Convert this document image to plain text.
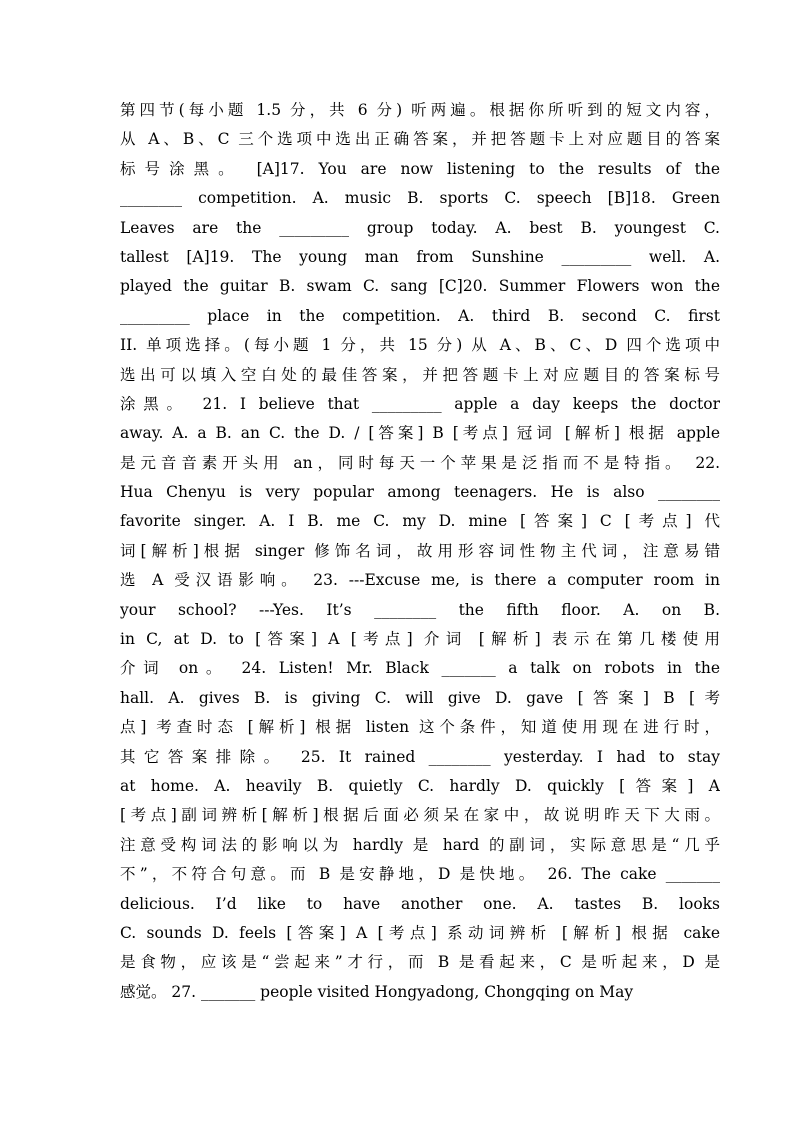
第四节(每小题 1.5 分，共 6 分) 听两遍。根据你所听到的短文内容，
从 A、B、C 三个选项中选出正确答案，并把答题卡上对应题目的答案
标号涂黑。 [A]17. You are now listening to the results of the
________ competition. A. music B. sports C. speech [B]18. Green
Leaves are the _________ group today. A. best B. youngest C.
tallest [A]19. The young man from Sunshine _________ well. A.
played the guitar B. swam C. sang [C]20. Summer Flowers won the
_________ place in the competition. A. third B. second C. first
II. 单项选择。(每小题 1 分，共 15 分) 从 A、B、C、D 四个选项中
选出可以填入空白处的最佳答案，并把答题卡上对应题目的答案标号
涂黑。 21. I believe that _________ apple a day keeps the doctor
away. A. a B. an C. the D. / [答案] B [考点] 冠词 [解析] 根据 apple
是元音音素开头用 an，同时每天一个苹果是泛指而不是特指。 22.
Hua Chenyu is very popular among teenagers. He is also ________
favorite singer. A. I B. me C. my D. mine [答案] C [考点] 代
词[解析]根据 singer 修饰名词，故用形容词性物主代词，注意易错
选 A 受汉语影响。 23. ---Excuse me, is there a computer room in
your school? ---Yes. It’s ________ the fifth floor. A. on B.
in C, at D. to [答案] A [考点] 介词 [解析] 表示在第几楼使用
介词 on。 24. Listen! Mr. Black _______ a talk on robots in the
hall. A. gives B. is giving C. will give D. gave [答案] B [考
点] 考查时态 [解析] 根据 listen 这个条件，知道使用现在进行时，
其它答案排除。 25. It rained ________ yesterday. I had to stay
at home. A. heavily B. quietly C. hardly D. quickly [答案] A
[考点]副词辨析[解析]根据后面必须呆在家中，故说明昨天下大雨。
注意受构词法的影响以为 hardly 是 hard 的副词，实际意思是“几乎
不”，不符合句意。而 B 是安静地，D 是快地。 26. The cake _______
delicious. I’d like to have another one. A. tastes B. looks
C. sounds D. feels [答案] A [考点] 系动词辨析 [解析] 根据 cake
是食物，应该是“尝起来”才行，而 B 是看起来，C 是听起来，D 是
感觉。 27. _______ people visited Hongyadong, Chongqing on May
